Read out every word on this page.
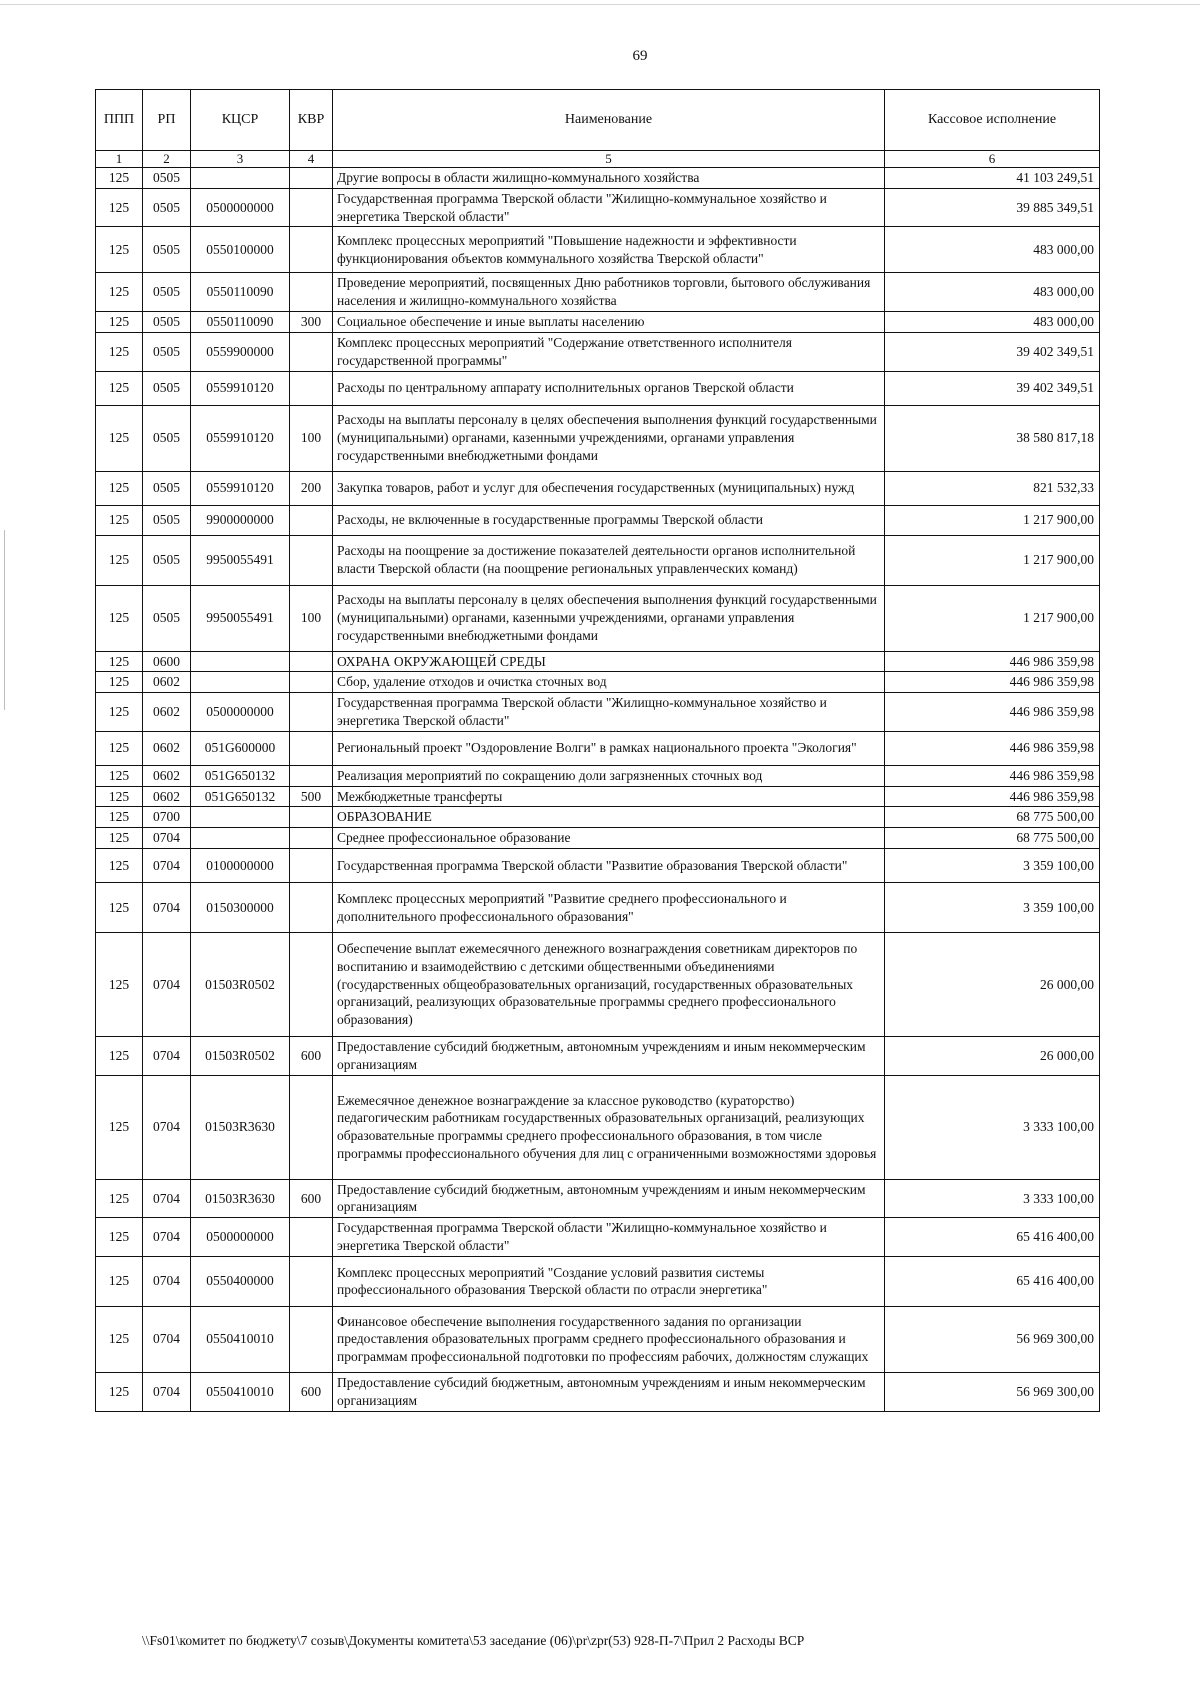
69
ППП	РП	КЦСР	КВР	Наименование	Кассовое исполнение
1	2	3	4	5	6
125	0505			Другие вопросы в области жилищно-коммунального хозяйства	41 103 249,51
125	0505	0500000000		Государственная программа Тверской области "Жилищно-коммунальное хозяйство и энергетика Тверской области"	39 885 349,51
125	0505	0550100000		Комплекс процессных мероприятий "Повышение надежности и эффективности функционирования объектов коммунального хозяйства Тверской области"	483 000,00
125	0505	0550110090		Проведение мероприятий, посвященных Дню работников торговли, бытового обслуживания населения и жилищно-коммунального хозяйства	483 000,00
125	0505	0550110090	300	Социальное обеспечение и иные выплаты населению	483 000,00
125	0505	0559900000		Комплекс процессных мероприятий "Содержание ответственного исполнителя государственной программы"	39 402 349,51
125	0505	0559910120		Расходы по центральному аппарату исполнительных органов Тверской области	39 402 349,51
125	0505	0559910120	100	Расходы на выплаты персоналу в целях обеспечения выполнения функций государственными (муниципальными) органами, казенными учреждениями, органами управления государственными внебюджетными фондами	38 580 817,18
125	0505	0559910120	200	Закупка товаров, работ и услуг для обеспечения государственных (муниципальных) нужд	821 532,33
125	0505	9900000000		Расходы, не включенные в государственные программы Тверской области	1 217 900,00
125	0505	9950055491		Расходы на поощрение за достижение показателей деятельности органов исполнительной власти Тверской области (на поощрение региональных управленческих команд)	1 217 900,00
125	0505	9950055491	100	Расходы на выплаты персоналу в целях обеспечения выполнения функций государственными (муниципальными) органами, казенными учреждениями, органами управления государственными внебюджетными фондами	1 217 900,00
125	0600			ОХРАНА ОКРУЖАЮЩЕЙ СРЕДЫ	446 986 359,98
125	0602			Сбор, удаление отходов и очистка сточных вод	446 986 359,98
125	0602	0500000000		Государственная программа Тверской области "Жилищно-коммунальное хозяйство и энергетика Тверской области"	446 986 359,98
125	0602	051G600000		Региональный проект "Оздоровление Волги" в рамках национального проекта "Экология"	446 986 359,98
125	0602	051G650132		Реализация мероприятий по сокращению доли загрязненных сточных вод	446 986 359,98
125	0602	051G650132	500	Межбюджетные трансферты	446 986 359,98
125	0700			ОБРАЗОВАНИЕ	68 775 500,00
125	0704			Среднее профессиональное образование	68 775 500,00
125	0704	0100000000		Государственная программа Тверской области "Развитие образования Тверской области"	3 359 100,00
125	0704	0150300000		Комплекс процессных мероприятий "Развитие среднего профессионального и дополнительного профессионального образования"	3 359 100,00
125	0704	01503R0502		Обеспечение выплат ежемесячного денежного вознаграждения советникам директоров по воспитанию и взаимодействию с детскими общественными объединениями (государственных общеобразовательных организаций, государственных образовательных организаций, реализующих образовательные программы среднего профессионального образования)	26 000,00
125	0704	01503R0502	600	Предоставление субсидий бюджетным, автономным учреждениям и иным некоммерческим организациям	26 000,00
125	0704	01503R3630		Ежемесячное денежное вознаграждение за классное руководство (кураторство) педагогическим работникам государственных образовательных организаций, реализующих образовательные программы среднего профессионального образования, в том числе программы профессионального обучения для лиц с ограниченными возможностями здоровья	3 333 100,00
125	0704	01503R3630	600	Предоставление субсидий бюджетным, автономным учреждениям и иным некоммерческим организациям	3 333 100,00
125	0704	0500000000		Государственная программа Тверской области "Жилищно-коммунальное хозяйство и энергетика Тверской области"	65 416 400,00
125	0704	0550400000		Комплекс процессных мероприятий "Создание условий развития системы профессионального образования Тверской области по отрасли энергетика"	65 416 400,00
125	0704	0550410010		Финансовое обеспечение выполнения государственного задания по организации предоставления образовательных программ среднего профессионального образования и программам профессиональной подготовки по профессиям рабочих, должностям служащих	56 969 300,00
125	0704	0550410010	600	Предоставление субсидий бюджетным, автономным учреждениям и иным некоммерческим организациям	56 969 300,00
\\Fs01\комитет по бюджету\7 созыв\Документы комитета\53 заседание (06)\pr\zpr(53) 928-П-7\Прил 2 Расходы ВСР
